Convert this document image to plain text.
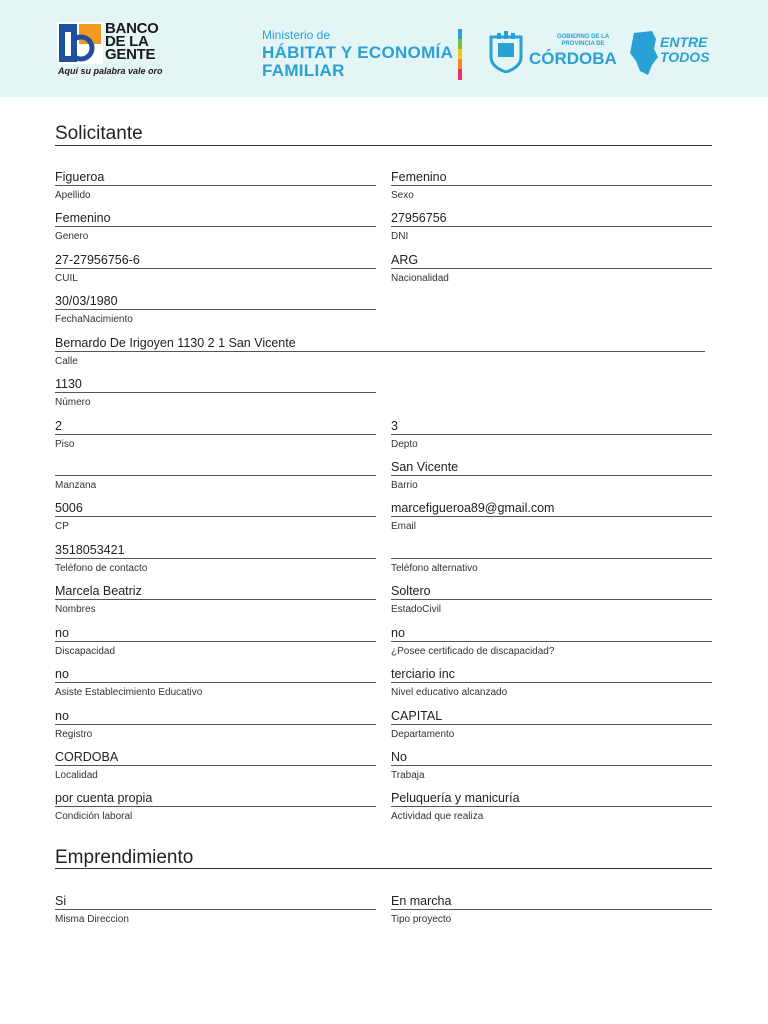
BANCO
DE LA
GENTE
Aquí su palabra vale oro
Ministerio de
HÁBITAT Y ECONOMÍA
FAMILIAR
GOBIERNO DE LA
PROVINCIA DE
CÓRDOBA
ENTRE
TODOS
Solicitante
Figueroa
Apellido
Femenino
Sexo
Femenino
Genero
27956756
DNI
27-27956756-6
CUIL
ARG
Nacionalidad
30/03/1980
FechaNacimiento
Bernardo De Irigoyen 1130 2 1 San Vicente
Calle
1130
Número
2
Piso
3
Depto
Manzana
San Vicente
Barrio
5006
CP
marcefigueroa89@gmail.com
Email
3518053421
Teléfono de contacto	Teléfono alternativo
Marcela Beatriz
Nombres
Soltero
EstadoCivil
no
Discapacidad
no
¿Posee certificado de discapacidad?
no
Asiste Establecimiento Educativo
terciario inc
Nivel educativo alcanzado
no
Registro
CAPITAL
Departamento
CORDOBA
Localidad
No
Trabaja
por cuenta propia
Condición laboral
Peluquería y manicuría
Actividad que realiza
Emprendimiento
Si
Misma Direccion
En marcha
Tipo proyecto
